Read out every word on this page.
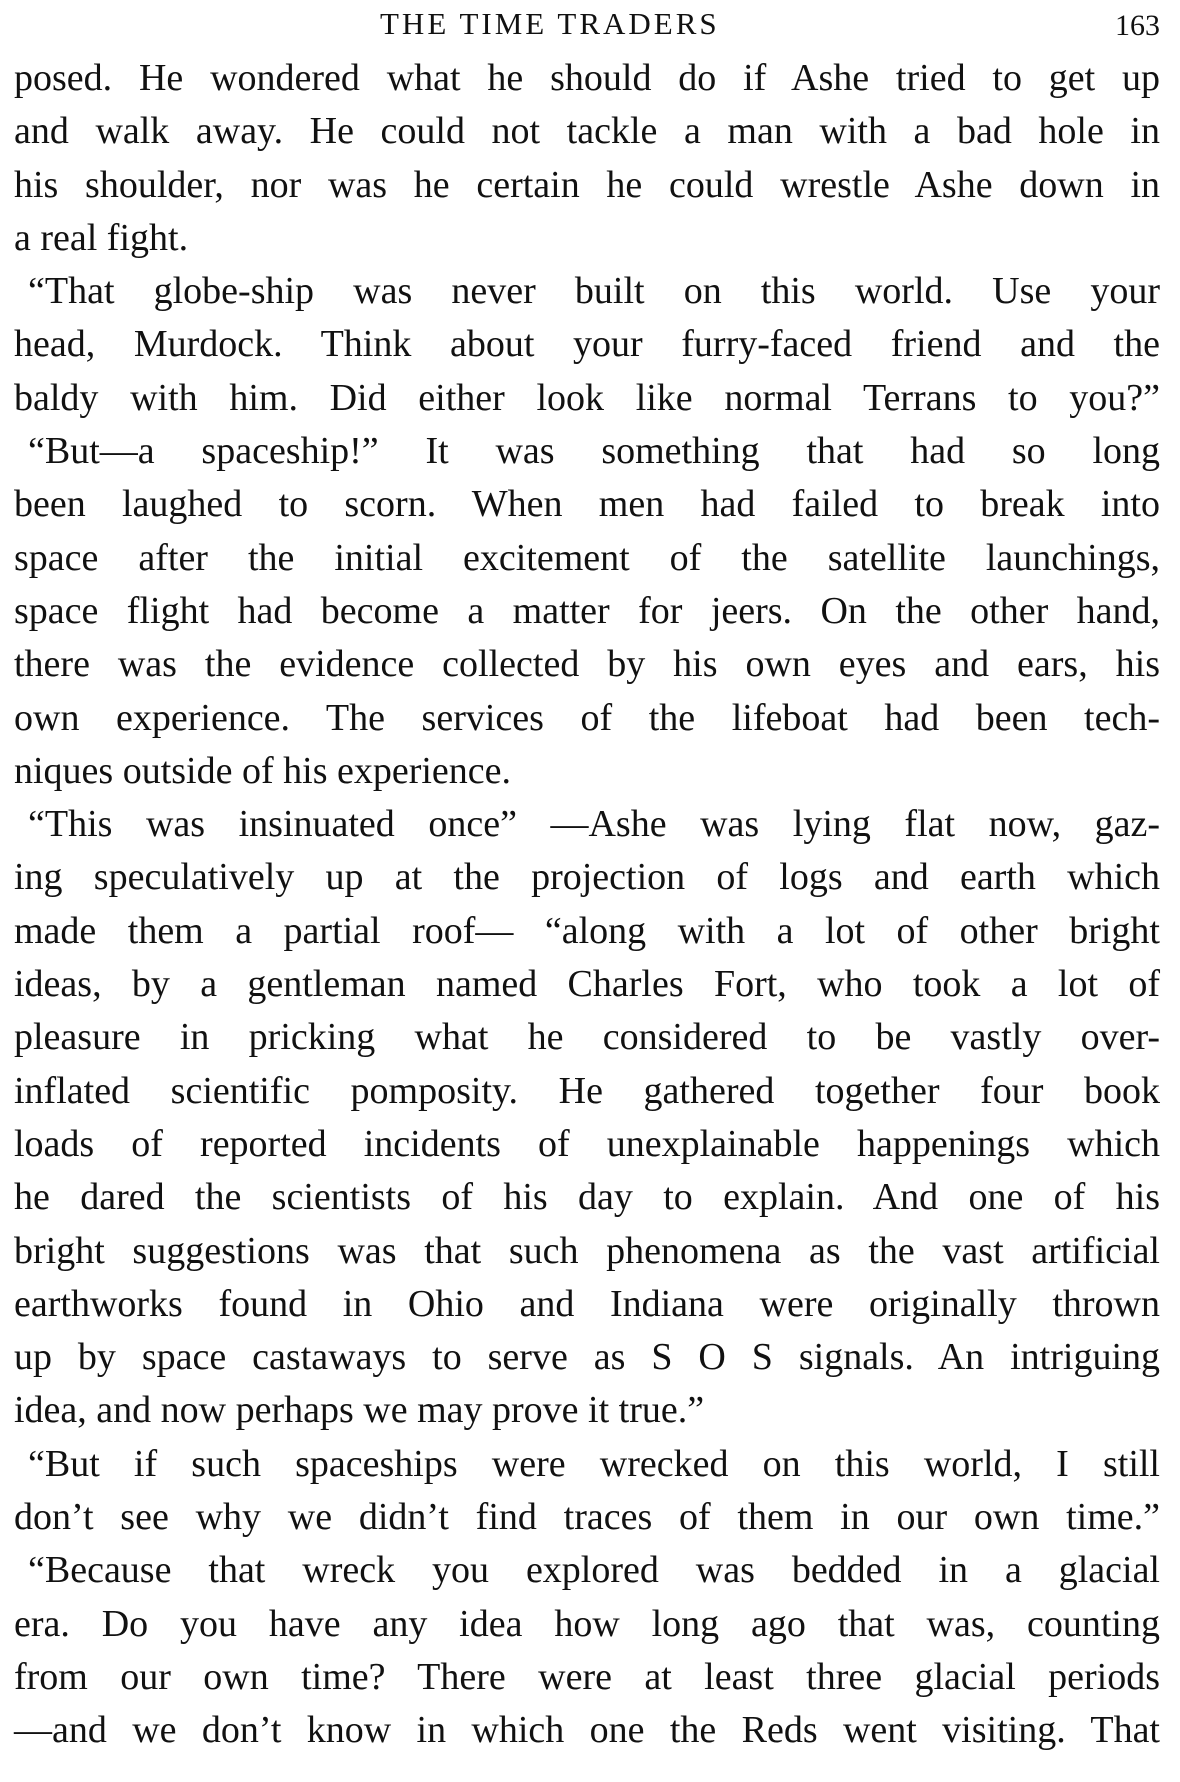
THE TIME TRADERS	163

posed. He wondered what he should do if Ashe tried to get up
and walk away. He could not tackle a man with a bad hole in
his shoulder, nor was he certain he could wrestle Ashe down in
a real fight.

“That globe-ship was never built on this world. Use your
head, Murdock. Think about your furry-faced friend and the
baldy with him. Did either look like normal Terrans to you?”

“But—a spaceship!” It was something that had so long
been laughed to scorn. When men had failed to break into
space after the initial excitement of the satellite launchings,
space flight had become a matter for jeers. On the other hand,
there was the evidence collected by his own eyes and ears, his
own experience. The services of the lifeboat had been tech-
niques outside of his experience.

“This was insinuated once” —Ashe was lying flat now, gaz-
ing speculatively up at the projection of logs and earth which
made them a partial roof— “along with a lot of other bright
ideas, by a gentleman named Charles Fort, who took a lot of
pleasure in pricking what he considered to be vastly over-
inflated scientific pomposity. He gathered together four book
loads of reported incidents of unexplainable happenings which
he dared the scientists of his day to explain. And one of his
bright suggestions was that such phenomena as the vast artificial
earthworks found in Ohio and Indiana were originally thrown
up by space castaways to serve as S O S signals. An intriguing
idea, and now perhaps we may prove it true.”

“But if such spaceships were wrecked on this world, I still
don’t see why we didn’t find traces of them in our own time.”

“Because that wreck you explored was bedded in a glacial
era. Do you have any idea how long ago that was, counting
from our own time? There were at least three glacial periods
—and we don’t know in which one the Reds went visiting. That
